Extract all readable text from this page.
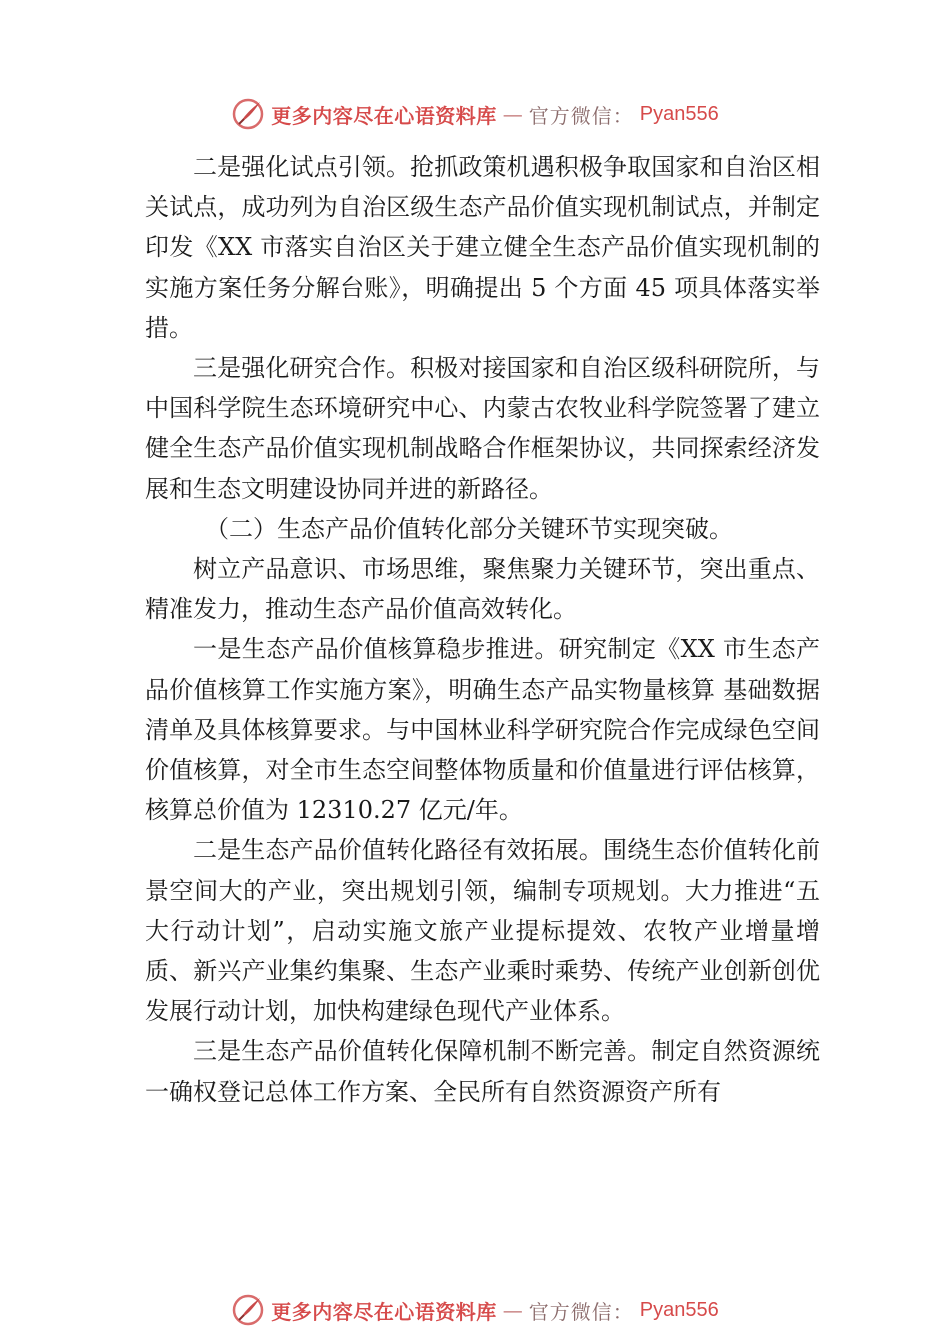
更多内容尽在心语资料库 — 官方微信： Pyan556

二是强化试点引领。抢抓政策机遇积极争取国家和自治区相关试点，成功列为自治区级生态产品价值实现机制试点，并制定印发《XX 市落实自治区关于建立健全生态产品价值实现机制的实施方案任务分解台账》，明确提出 5 个方面 45 项具体落实举措。

三是强化研究合作。积极对接国家和自治区级科研院所，与中国科学院生态环境研究中心、内蒙古农牧业科学院签署了建立健全生态产品价值实现机制战略合作框架协议，共同探索经济发展和生态文明建设协同并进的新路径。

（二）生态产品价值转化部分关键环节实现突破。

树立产品意识、市场思维，聚焦聚力关键环节，突出重点、精准发力，推动生态产品价值高效转化。

一是生态产品价值核算稳步推进。研究制定《XX 市生态产品价值核算工作实施方案》，明确生态产品实物量核算 基础数据清单及具体核算要求。与中国林业科学研究院合作完成绿色空间价值核算，对全市生态空间整体物质量和价值量进行评估核算，核算总价值为 12310.27 亿元/年。

二是生态产品价值转化路径有效拓展。围绕生态价值转化前景空间大的产业，突出规划引领，编制专项规划。大力推进“五大行动计划”，启动实施文旅产业提标提效、农牧产业增量增质、新兴产业集约集聚、生态产业乘时乘势、传统产业创新创优发展行动计划，加快构建绿色现代产业体系。

三是生态产品价值转化保障机制不断完善。制定自然资源统一确权登记总体工作方案、全民所有自然资源资产所有

更多内容尽在心语资料库 — 官方微信： Pyan556
